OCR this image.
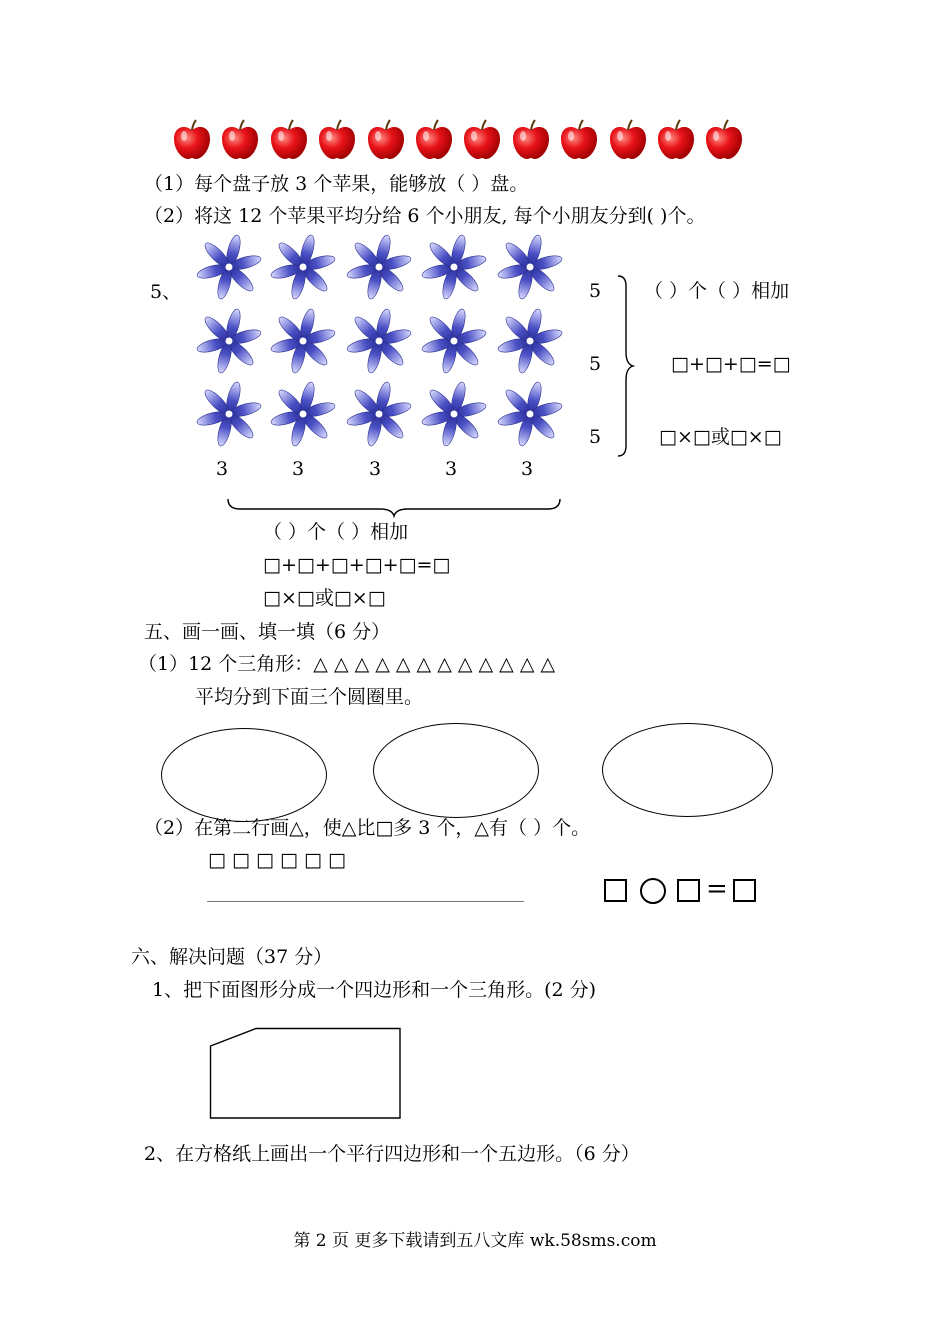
（1）每个盘子放 3 个苹果，能够放（ ）盘。
（2）将这 12 个苹果平均分给 6 个小朋友, 每个小朋友分到( )个。
5、	5
5
5
3	3	3	3	3
（ ）个（ ）相加
□+□+□=□
□×□或□×□
（ ）个（ ）相加
□+□+□+□+□=□
□×□或□×□
五、画一画、填一填（6 分）
（1）12 个三角形：△ △ △ △ △ △ △ △ △ △ △ △
平均分到下面三个圆圈里。
（2）在第二行画△，使△比□多 3 个，△有（ ）个。
□ □ □ □ □ □
=
六、解决问题（37 分）
1、把下面图形分成一个四边形和一个三角形。(2 分)
2、在方格纸上画出一个平行四边形和一个五边形。（6 分）
第 2 页 更多下载请到五八文库 wk.58sms.com
